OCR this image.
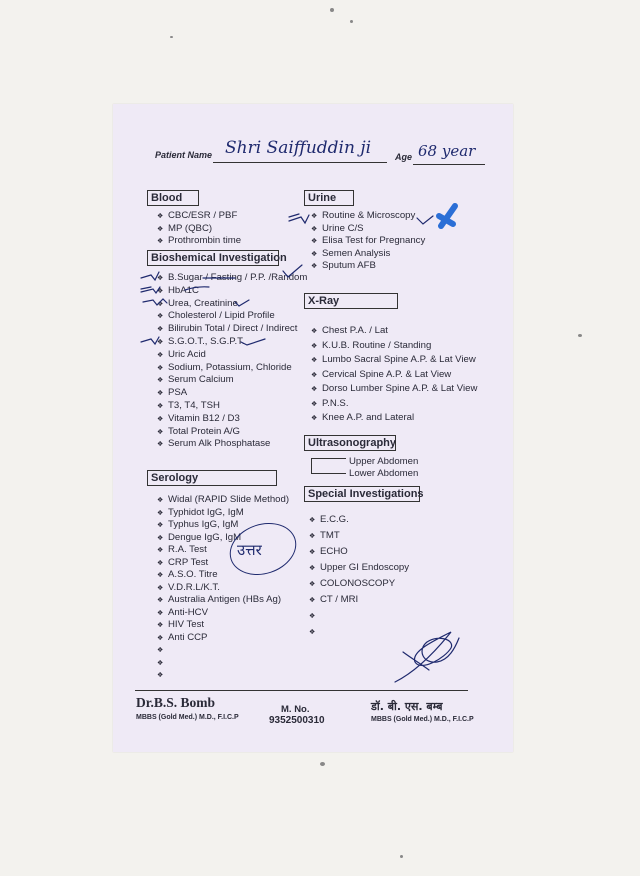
Patient Name Shri Saiffuddin ji	Age 68 year
Blood
❖ CBC/ESR / PBF
❖ MP (QBC)
❖ Prothrombin time
Bioshemical Investigation
❖ B.Sugar / Fasting / P.P. /Random
❖ HbA1C
❖ Urea, Creatinine
❖ Cholesterol / Lipid Profile
❖ Bilirubin Total / Direct / Indirect
❖ S.G.O.T., S.G.P.T.
❖ Uric Acid
❖ Sodium, Potassium, Chloride
❖ Serum Calcium
❖ PSA
❖ T3, T4, TSH
❖ Vitamin B12 / D3
❖ Total Protein A/G
❖ Serum Alk Phosphatase
Serology
❖ Widal (RAPID Slide Method)
❖ Typhidot IgG, IgM
❖ Typhus IgG, IgM
❖ Dengue IgG, IgM
❖ R.A. Test
❖ CRP Test
❖ A.S.O. Titre
❖ V.D.R.L/K.T.
❖ Australia Antigen (HBs Ag)
❖ Anti-HCV
❖ HIV Test
❖ Anti CCP
❖
❖
❖
Urine
❖ Routine & Microscopy
❖ Urine C/S
❖ Elisa Test for Pregnancy
❖ Semen Analysis
❖ Sputum AFB
X-Ray
❖ Chest P.A. / Lat
❖ K.U.B. Routine / Standing
❖ Lumbo Sacral Spine A.P. & Lat View
❖ Cervical Spine A.P. & Lat View
❖ Dorso Lumber Spine A.P. & Lat View
❖ P.N.S.
❖ Knee A.P. and Lateral
Ultrasonography
Upper Abdomen
Lower Abdomen
Special Investigations
❖ E.C.G.
❖ TMT
❖ ECHO
❖ Upper GI Endoscopy
❖ COLONOSCOPY
❖ CT / MRI
❖
❖
उत्तर
Dr.B.S. Bomb
MBBS (Gold Med.) M.D., F.I.C.P
M. No.
9352500310
डॉ. बी. एस. बम्ब
MBBS (Gold Med.) M.D., F.I.C.P
